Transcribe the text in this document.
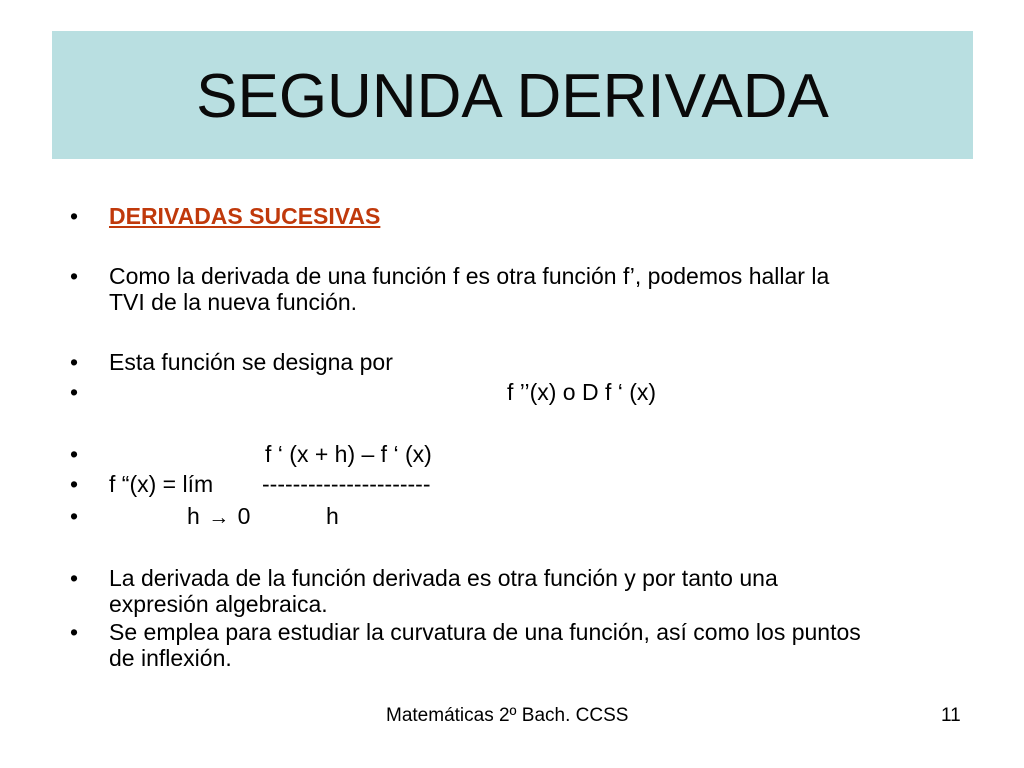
SEGUNDA DERIVADA
•
•
•
•
•
•
•
•
•
DERIVADAS SUCESIVAS
Como la derivada de una función f es otra función f’, podemos hallar la
TVI de la nueva función.
Esta función se designa por
f ’’(x) o D f ‘ (x)
f ‘ (x + h) – f ‘ (x)
f “(x) = lím ----------------------
h → 0	h
La derivada de la función derivada es otra función y por tanto una
expresión algebraica.
Se emplea para estudiar la curvatura de una función, así como los puntos
de inflexión.
Matemáticas 2º Bach. CCSS	11
